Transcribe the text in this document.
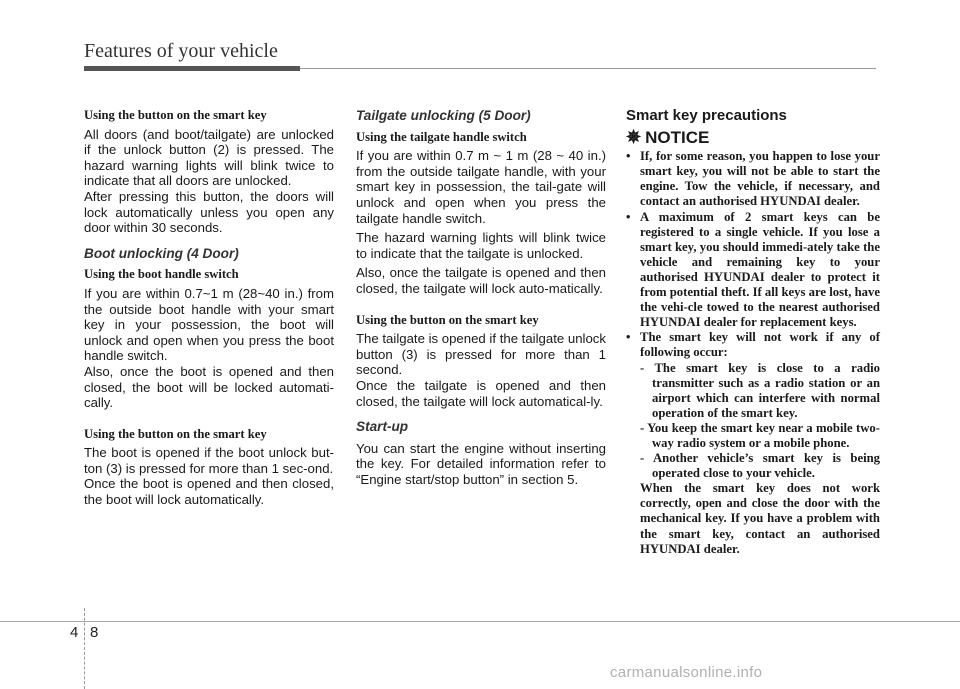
Features of your vehicle
Using the button on the smart key

All doors (and boot/tailgate) are unlocked if the unlock button (2) is pressed. The hazard warning lights will blink twice to indicate that all doors are unlocked.

After pressing this button, the doors will lock automatically unless you open any door within 30 seconds.

Boot unlocking (4 Door)
Using the boot handle switch

If you are within 0.7~1 m (28~40 in.) from the outside boot handle with your smart key in your possession, the boot will unlock and open when you press the boot handle switch.

Also, once the boot is opened and then closed, the boot will be locked automati-cally.

Using the button on the smart key

The boot is opened if the boot unlock but-ton (3) is pressed for more than 1 sec-ond.

Once the boot is opened and then closed, the boot will lock automatically.

Tailgate unlocking (5 Door)
Using the tailgate handle switch

If you are within 0.7 m ~ 1 m (28 ~ 40 in.) from the outside tailgate handle, with your smart key in possession, the tail-gate will unlock and open when you press the tailgate handle switch.

The hazard warning lights will blink twice to indicate that the tailgate is unlocked.

Also, once the tailgate is opened and then closed, the tailgate will lock auto-matically.

Using the button on the smart key

The tailgate is opened if the tailgate unlock button (3) is pressed for more than 1 second.

Once the tailgate is opened and then closed, the tailgate will lock automatical-ly.

Start-up

You can start the engine without inserting the key. For detailed information refer to “Engine start/stop button” in section 5.

Smart key precautions
✵ NOTICE
• If, for some reason, you happen to lose your smart key, you will not be able to start the engine. Tow the vehicle, if necessary, and contact an authorised HYUNDAI dealer.
• A maximum of 2 smart keys can be registered to a single vehicle. If you lose a smart key, you should immedi-ately take the vehicle and remaining key to your authorised HYUNDAI dealer to protect it from potential theft. If all keys are lost, have the vehi-cle towed to the nearest authorised HYUNDAI dealer for replacement keys.
• The smart key will not work if any of following occur:
- The smart key is close to a radio transmitter such as a radio station or an airport which can interfere with normal operation of the smart key.
- You keep the smart key near a mobile two-way radio system or a mobile phone.
- Another vehicle’s smart key is being operated close to your vehicle.
When the smart key does not work correctly, open and close the door with the mechanical key. If you have a problem with the smart key, contact an authorised HYUNDAI dealer.
4 8
carmanualsonline.info
